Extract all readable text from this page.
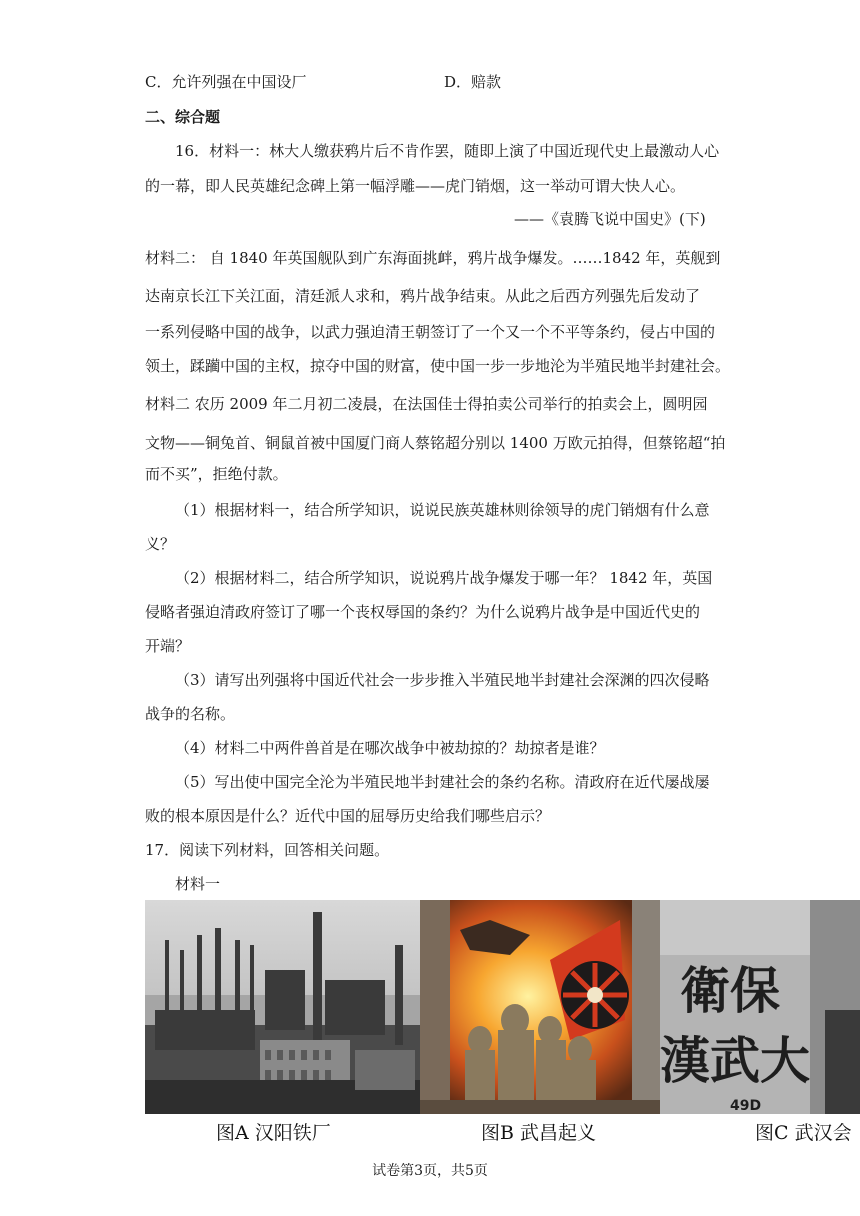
C．允许列强在中国设厂	D．赔款
二、综合题
16．材料一：林大人缴获鸦片后不肯作罢，随即上演了中国近现代史上最激动人心
的一幕，即人民英雄纪念碑上第一幅浮雕——虎门销烟，这一举动可谓大快人心。
——《袁腾飞说中国史》(下)
材料二： 自 1840 年英国舰队到广东海面挑衅，鸦片战争爆发。……1842 年，英舰到
达南京长江下关江面，清廷派人求和，鸦片战争结束。从此之后西方列强先后发动了
一系列侵略中国的战争，以武力强迫清王朝签订了一个又一个不平等条约，侵占中国的
领土，蹂躏中国的主权，掠夺中国的财富，使中国一步一步地沦为半殖民地半封建社会。
材料二 农历 2009 年二月初二凌晨，在法国佳士得拍卖公司举行的拍卖会上，圆明园
文物——铜兔首、铜鼠首被中国厦门商人蔡铭超分别以 1400 万欧元拍得，但蔡铭超“拍
而不买”，拒绝付款。
（1）根据材料一，结合所学知识，说说民族英雄林则徐领导的虎门销烟有什么意
义？
（2）根据材料二，结合所学知识，说说鸦片战争爆发于哪一年？ 1842 年，英国
侵略者强迫清政府签订了哪一个丧权辱国的条约？为什么说鸦片战争是中国近代史的
开端？
（3）请写出列强将中国近代社会一步步推入半殖民地半封建社会深渊的四次侵略
战争的名称。
（4）材料二中两件兽首是在哪次战争中被劫掠的？劫掠者是谁？
（5）写出使中国完全沦为半殖民地半封建社会的条约名称。清政府在近代屡战屡
败的根本原因是什么？近代中国的屈辱历史给我们哪些启示？
17．阅读下列材料，回答相关问题。
材料一
衛保
漢武大
49D
图A 汉阳铁厂	图B 武昌起义	图C 武汉会
试卷第3页，共5页
